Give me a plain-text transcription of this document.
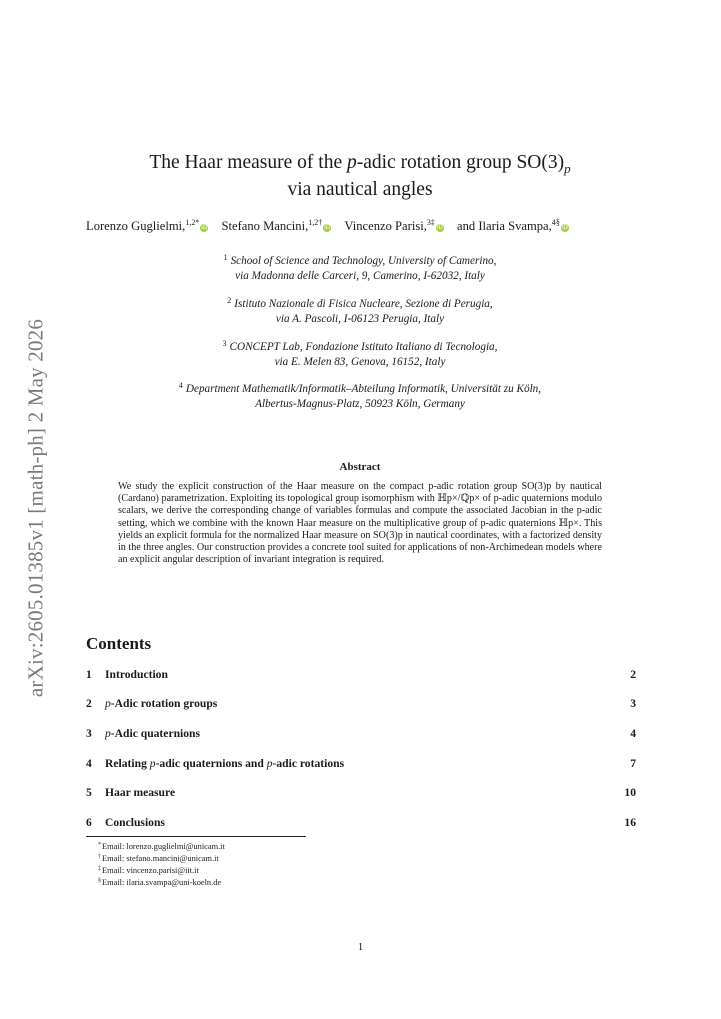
arXiv:2605.01385v1 [math-ph] 2 May 2026
The Haar measure of the p-adic rotation group $SO(3)_p$
via nautical angles
Lorenzo Guglielmi,$^{1,2*}$iD Stefano Mancini,$^{1,2\dagger}$iD Vincenzo Parisi,$^{3\ddagger}$iD and Ilaria Svampa,$^{4\S}$iD
$^1$ School of Science and Technology, University of Camerino,
via Madonna delle Carceri, 9, Camerino, I-62032, Italy
$^2$ Istituto Nazionale di Fisica Nucleare, Sezione di Perugia,
via A. Pascoli, I-06123 Perugia, Italy
$^3$ CONCEPT Lab, Fondazione Istituto Italiano di Tecnologia,
via E. Melen 83, Genova, 16152, Italy
$^4$ Department Mathematik/Informatik–Abteilung Informatik, Universität zu Köln,
Albertus-Magnus-Platz, 50923 Köln, Germany
Abstract
We study the explicit construction of the Haar measure on the compact p-adic rotation group SO(3)p by nautical (Cardano) parametrization. Exploiting its topological group isomorphism with ℍp×/ℚp× of p-adic quaternions modulo scalars, we derive the corresponding change of variables formulas and compute the associated Jacobian in the p-adic setting, which we combine with the known Haar measure on the multiplicative group of p-adic quaternions ℍp×. This yields an explicit formula for the normalized Haar measure on SO(3)p in nautical coordinates, with a factorized density in the three angles. Our construction provides a concrete tool suited for applications of non-Archimedean models where an explicit angular description of invariant integration is required.
Contents
1 Introduction	2
2 p-Adic rotation groups	3
3 p-Adic quaternions	4
4 Relating p-adic quaternions and p-adic rotations	7
5 Haar measure	10
6 Conclusions	16
*Email: lorenzo.guglielmi@unicam.it
†Email: stefano.mancini@unicam.it
‡Email: vincenzo.parisi@iit.it
§Email: ilaria.svampa@uni-koeln.de
1
